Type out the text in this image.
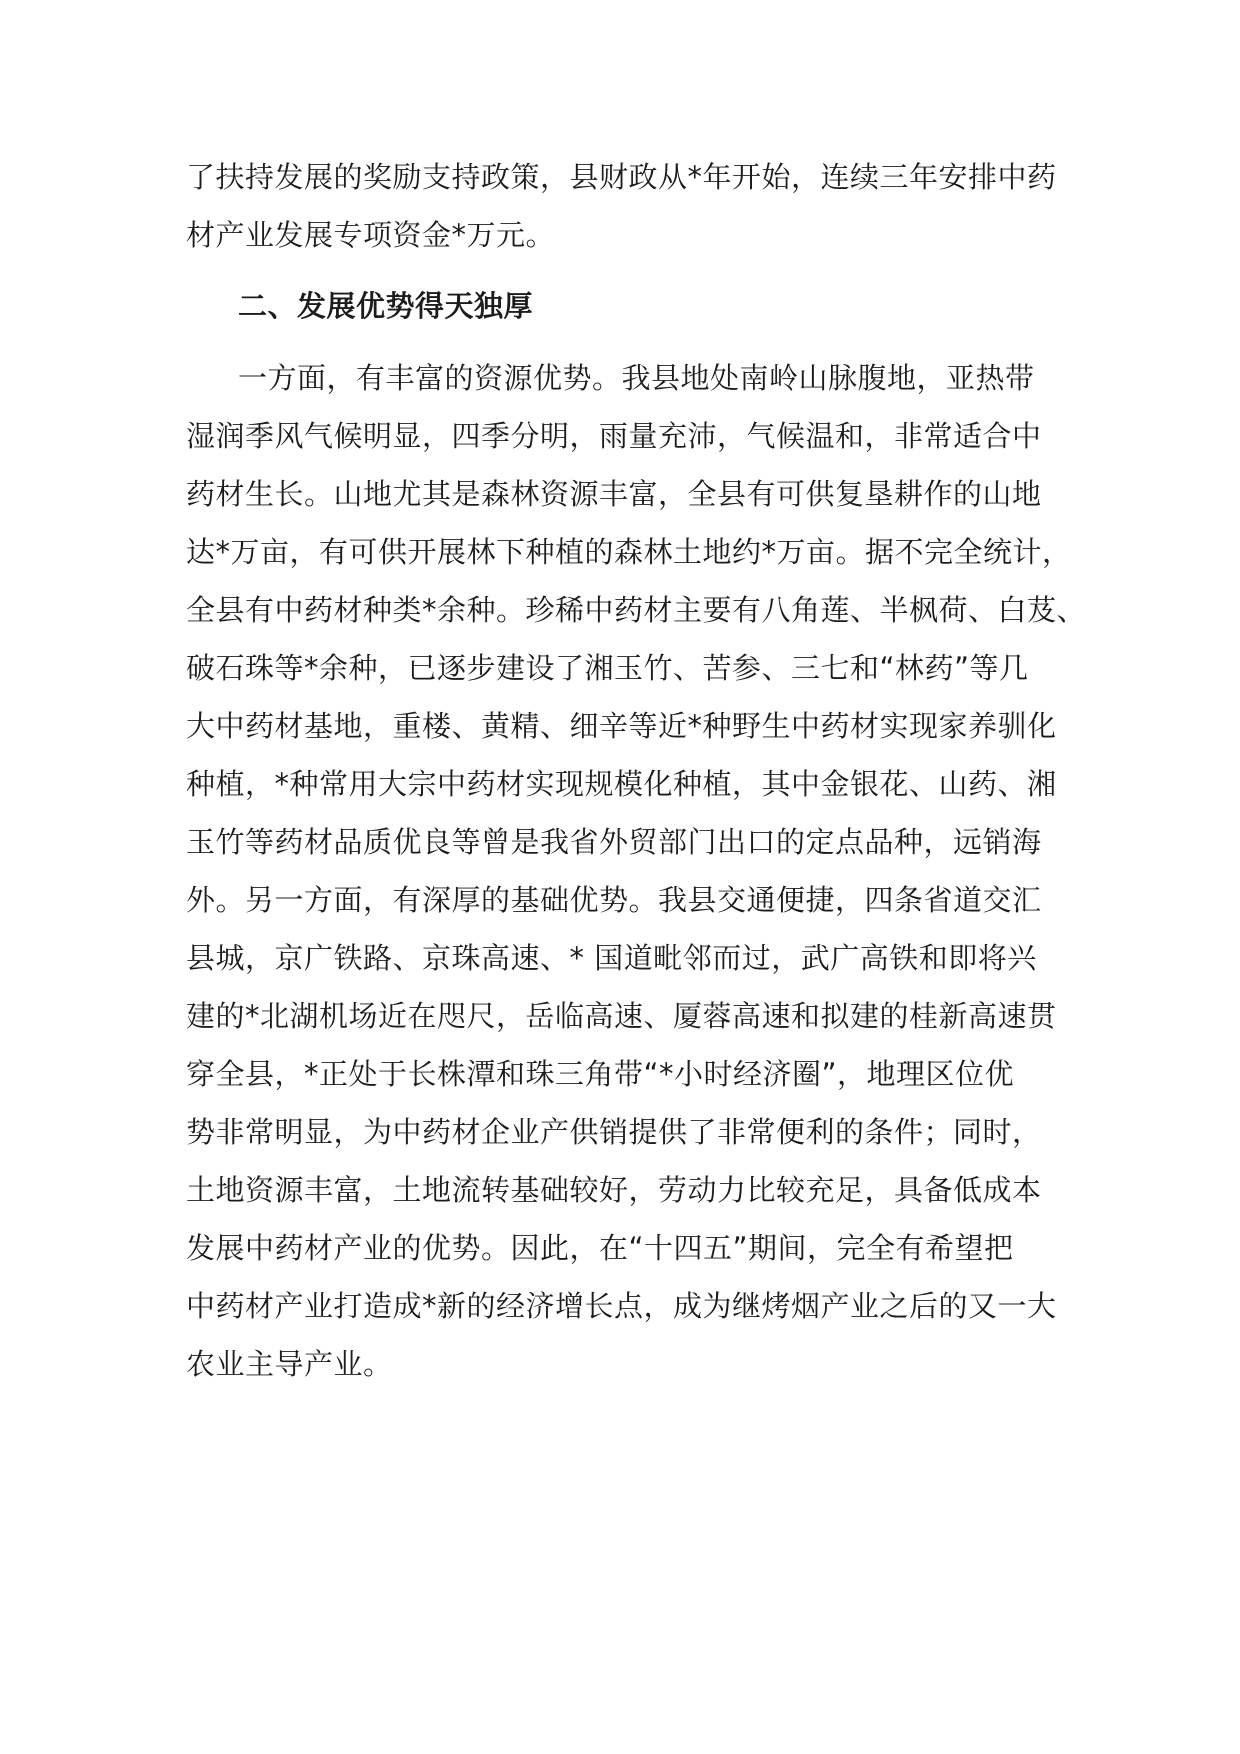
了扶持发展的奖励支持政策，县财政从*年开始，连续三年安排中药
材产业发展专项资金*万元。
二、发展优势得天独厚
一方面，有丰富的资源优势。我县地处南岭山脉腹地，亚热带
湿润季风气候明显，四季分明，雨量充沛，气候温和，非常适合中
药材生长。山地尤其是森林资源丰富，全县有可供复垦耕作的山地
达*万亩，有可供开展林下种植的森林土地约*万亩。据不完全统计，
全县有中药材种类*余种。珍稀中药材主要有八角莲、半枫荷、白芨、
破石珠等*余种，已逐步建设了湘玉竹、苦参、三七和“林药”等几
大中药材基地，重楼、黄精、细辛等近*种野生中药材实现家养驯化
种植，*种常用大宗中药材实现规模化种植，其中金银花、山药、湘
玉竹等药材品质优良等曾是我省外贸部门出口的定点品种，远销海
外。另一方面，有深厚的基础优势。我县交通便捷，四条省道交汇
县城，京广铁路、京珠高速、* 国道毗邻而过，武广高铁和即将兴
建的*北湖机场近在咫尺，岳临高速、厦蓉高速和拟建的桂新高速贯
穿全县，*正处于长株潭和珠三角带“*小时经济圈”，地理区位优
势非常明显，为中药材企业产供销提供了非常便利的条件；同时，
土地资源丰富，土地流转基础较好，劳动力比较充足，具备低成本
发展中药材产业的优势。因此，在“十四五”期间，完全有希望把
中药材产业打造成*新的经济增长点，成为继烤烟产业之后的又一大
农业主导产业。
